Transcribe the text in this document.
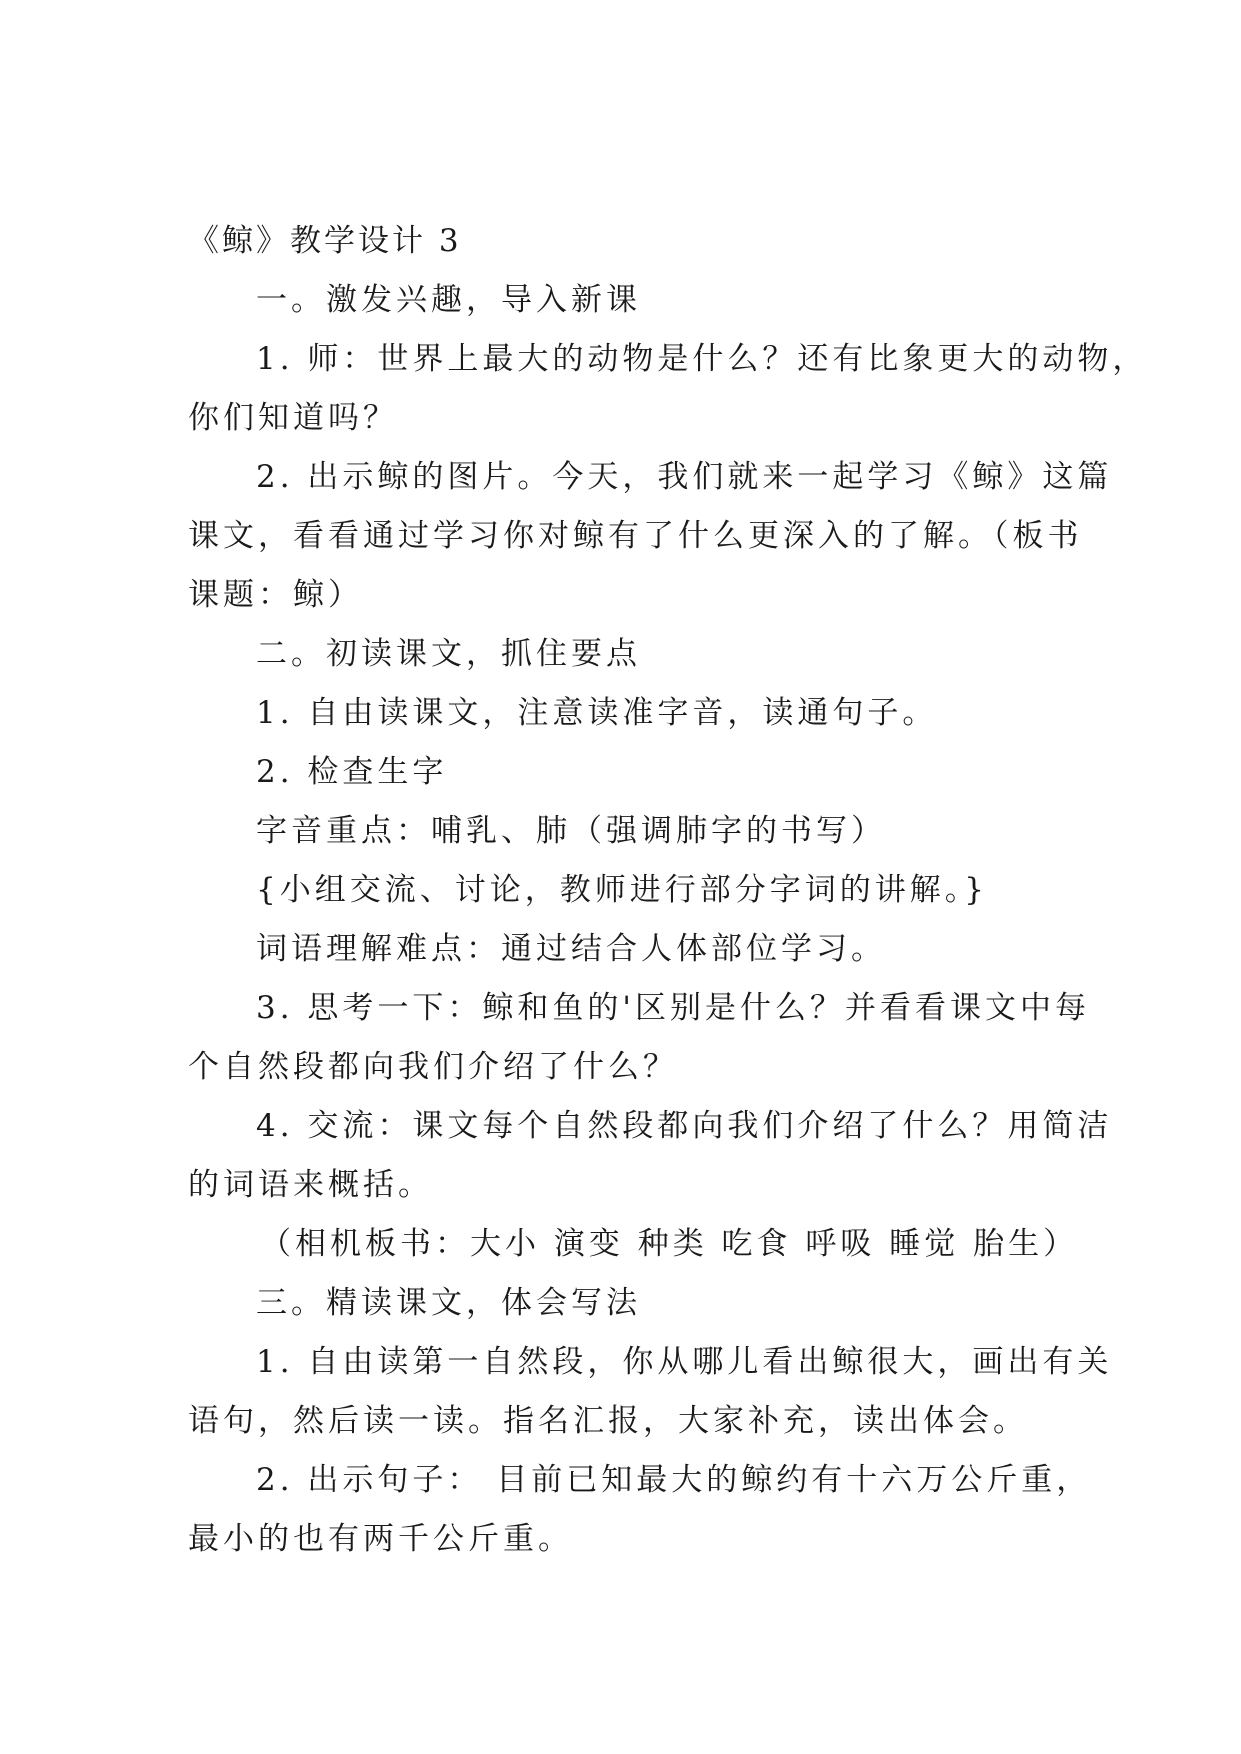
《鲸》教学设计 3

一。激发兴趣，导入新课

1. 师：世界上最大的动物是什么？还有比象更大的动物，

你们知道吗？

2. 出示鲸的图片。今天，我们就来一起学习《鲸》这篇

课文，看看通过学习你对鲸有了什么更深入的了解。（板书

课题：鲸）

二。初读课文，抓住要点

1. 自由读课文，注意读准字音，读通句子。

2. 检查生字

字音重点：哺乳、肺（强调肺字的书写）

{小组交流、讨论，教师进行部分字词的讲解。}

词语理解难点：通过结合人体部位学习。

3. 思考一下：鲸和鱼的'区别是什么？并看看课文中每

个自然段都向我们介绍了什么？

4. 交流：课文每个自然段都向我们介绍了什么？用简洁

的词语来概括。

（相机板书：大小 演变 种类 吃食 呼吸 睡觉 胎生）

三。精读课文，体会写法

1. 自由读第一自然段，你从哪儿看出鲸很大，画出有关

语句，然后读一读。指名汇报，大家补充，读出体会。

2. 出示句子： 目前已知最大的鲸约有十六万公斤重，

最小的也有两千公斤重。
